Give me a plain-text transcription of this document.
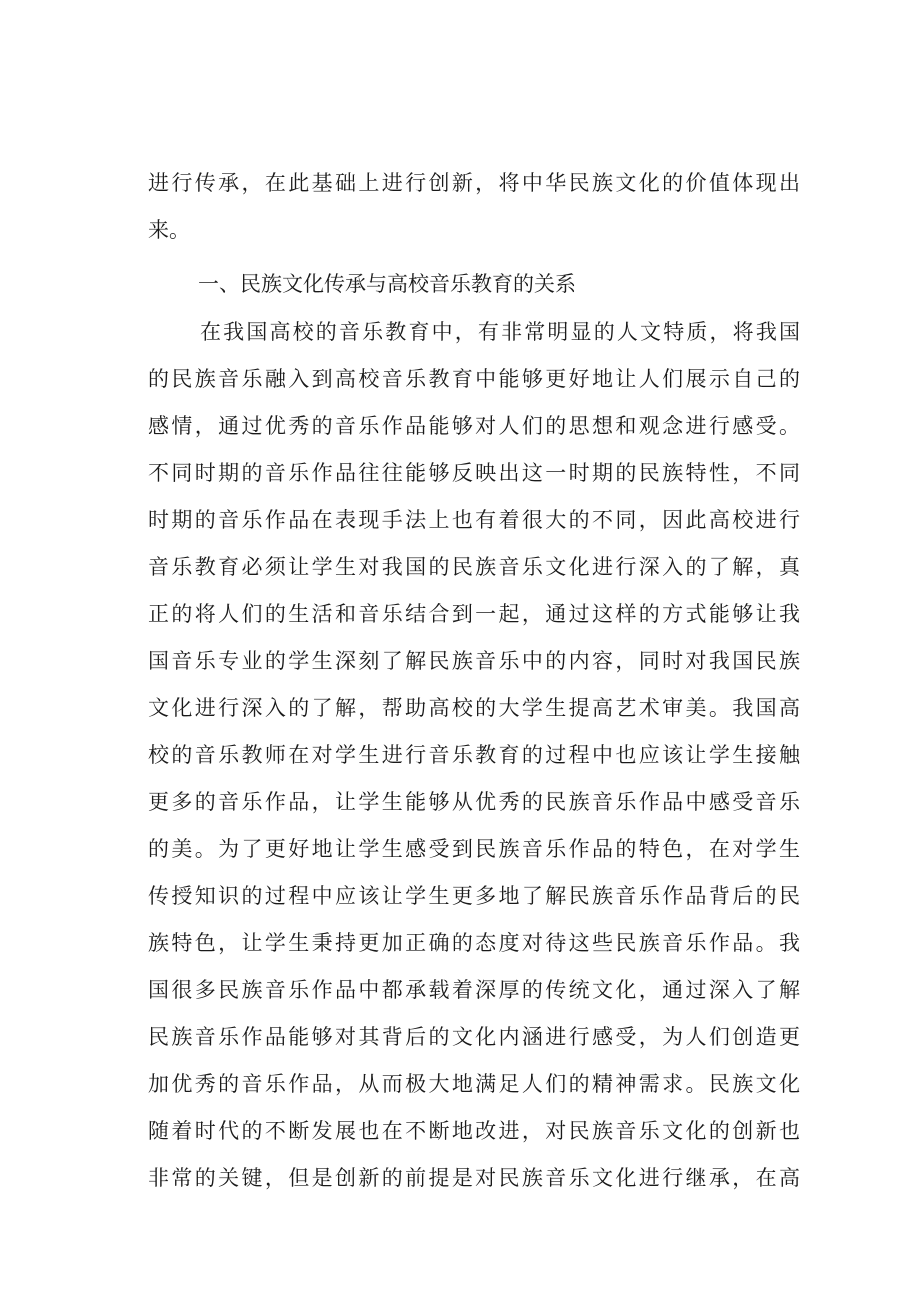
进行传承，在此基础上进行创新，将中华民族文化的价值体现出
来。
一、民族文化传承与高校音乐教育的关系
在我国高校的音乐教育中，有非常明显的人文特质，将我国
的民族音乐融入到高校音乐教育中能够更好地让人们展示自己的
感情，通过优秀的音乐作品能够对人们的思想和观念进行感受。
不同时期的音乐作品往往能够反映出这一时期的民族特性，不同
时期的音乐作品在表现手法上也有着很大的不同，因此高校进行
音乐教育必须让学生对我国的民族音乐文化进行深入的了解，真
正的将人们的生活和音乐结合到一起，通过这样的方式能够让我
国音乐专业的学生深刻了解民族音乐中的内容，同时对我国民族
文化进行深入的了解，帮助高校的大学生提高艺术审美。我国高
校的音乐教师在对学生进行音乐教育的过程中也应该让学生接触
更多的音乐作品，让学生能够从优秀的民族音乐作品中感受音乐
的美。为了更好地让学生感受到民族音乐作品的特色，在对学生
传授知识的过程中应该让学生更多地了解民族音乐作品背后的民
族特色，让学生秉持更加正确的态度对待这些民族音乐作品。我
国很多民族音乐作品中都承载着深厚的传统文化，通过深入了解
民族音乐作品能够对其背后的文化内涵进行感受，为人们创造更
加优秀的音乐作品，从而极大地满足人们的精神需求。民族文化
随着时代的不断发展也在不断地改进，对民族音乐文化的创新也
非常的关键，但是创新的前提是对民族音乐文化进行继承，在高
